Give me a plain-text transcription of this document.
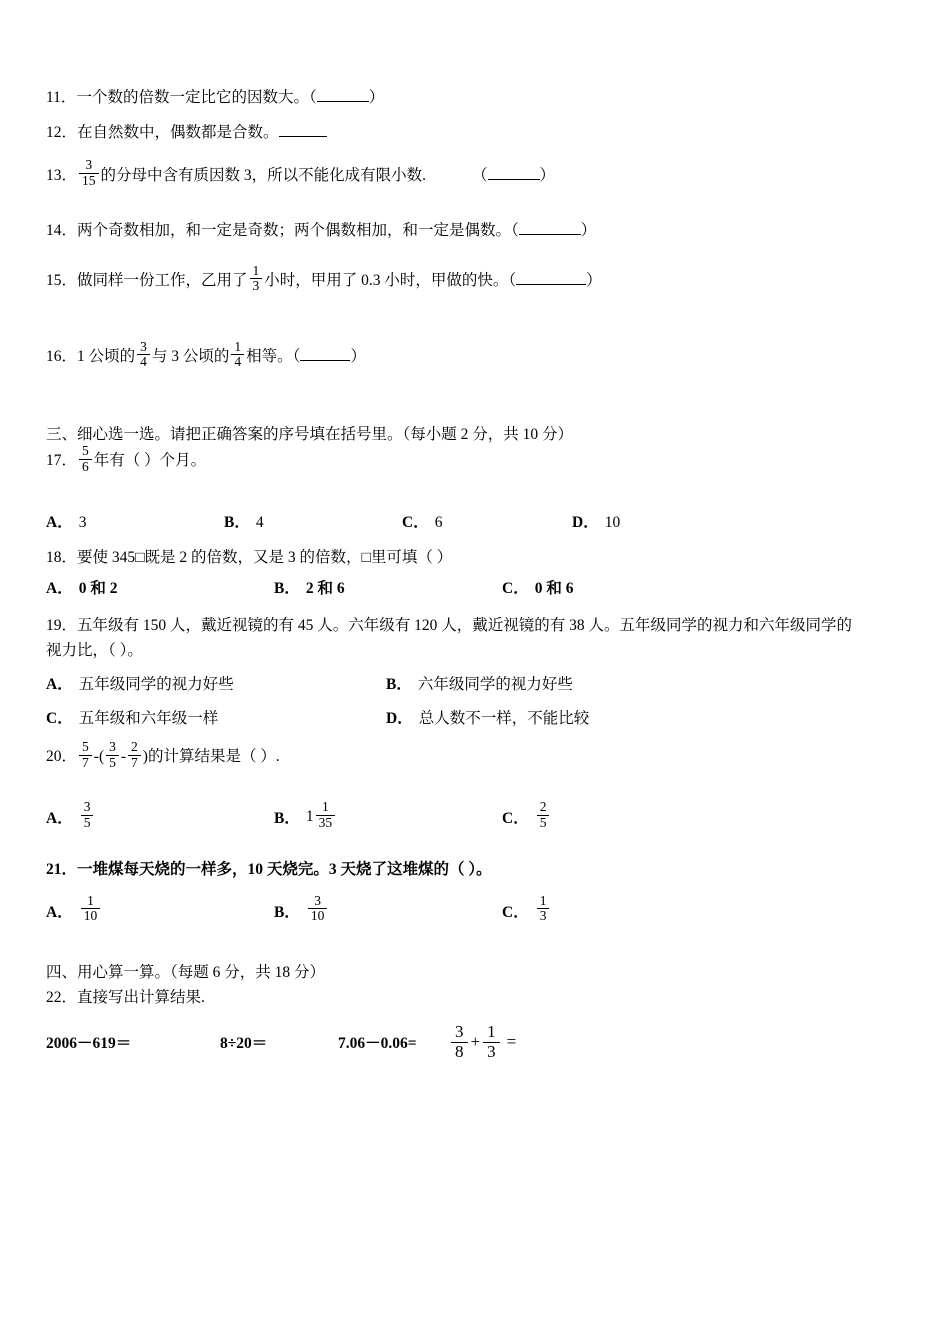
11．一个数的倍数一定比它的因数大。（	）
12．在自然数中，偶数都是合数。
13． $\frac{3}{15}$ 的分母中含有质因数 3，所以不能化成有限小数.	（	）
14．两个奇数相加，和一定是奇数；两个偶数相加，和一定是偶数。（	）
15．做同样一份工作，乙用了 $\frac{1}{3}$ 小时，甲用了 0.3 小时，甲做的快。（	）
16．1 公顷的 $\frac{3}{4}$ 与 3 公顷的 $\frac{1}{4}$ 相等。（	）
三、细心选一选。请把正确答案的序号填在括号里。（每小题 2 分，共 10 分）
17． $\frac{5}{6}$ 年有（ ）个月。
A． 3	B． 4	C． 6	D． 10
18．要使 345□既是 2 的倍数，又是 3 的倍数，□里可填（ ）
A． 0 和 2	B． 2 和 6	C． 0 和 6
19．五年级有 150 人，戴近视镜的有 45 人。六年级有 120 人，戴近视镜的有 38 人。五年级同学的视力和六年级同学的
视力比，（ ）。
A． 五年级同学的视力好些	B． 六年级同学的视力好些
C． 五年级和六年级一样	D． 总人数不一样，不能比较
20． $\frac{5}{7}$ -( $\frac{3}{5} - \frac{2}{7}$ )的计算结果是（ ）.
A． $\frac{3}{5}$	B． $1 \frac{1}{35}$	C． $\frac{2}{5}$
21．一堆煤每天烧的一样多，10 天烧完。3 天烧了这堆煤的（ ）。
A． $\frac{1}{10}$	B． $\frac{3}{10}$	C． $\frac{1}{3}$
四、用心算一算。（每题 6 分，共 18 分）
22．直接写出计算结果.
2006－619＝	8÷20＝	7.06－0.06=	$\frac{3}{8} + \frac{1}{3}$ =
